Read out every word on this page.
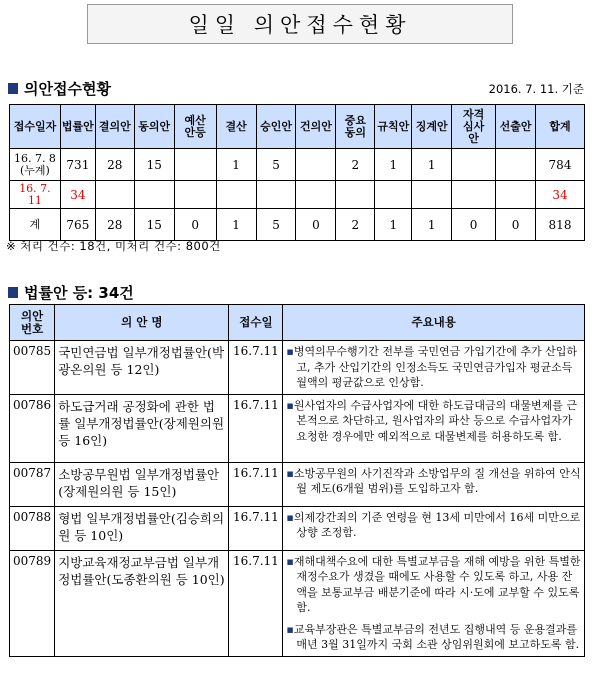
일일 의안접수현황
의안접수현황	2016. 7. 11. 기준
접수일자	법률안	결의안	동의안	예산안등	결산	승인안	건의안	중요동의	규칙안	징계안	자격심사안	선출안	합계

16. 7. 8
(누계)	731	28	15		1	5		2	1	1			784
16. 7. 11	34												34
계	765	28	15	0	1	5	0	2	1	1	0	0	818
※ 처리 건수: 18건, 미처리 건수: 800건
법률안 등: 34건
의안번호	의 안 명	접수일	주요내용
00785	국민연금법 일부개정법률안(박광온의원 등 12인)	16.7.11	▪병역의무수행기간 전부를 국민연금 가입기간에 추가 산입하고, 추가 산입기간의 인정소득도 국민연금가입자 평균소득월액의 평균값으로 인상함.

00786	하도급거래 공정화에 관한 법률 일부개정법률안(장제원의원 등 16인)	16.7.11	▪원사업자의 수급사업자에 대한 하도급대금의 대물변제를 근본적으로 차단하고, 원사업자의 파산 등으로 수급사업자가 요청한 경우에만 예외적으로 대물변제를 허용하도록 함.

00787	소방공무원법 일부개정법률안(장제원의원 등 15인)	16.7.11	▪소방공무원의 사기진작과 소방업무의 질 개선을 위하여 안식월 제도(6개월 범위)를 도입하고자 함.

00788	형법 일부개정법률안(김승희의원 등 10인)	16.7.11	▪의제강간죄의 기준 연령을 현 13세 미만에서 16세 미만으로 상향 조정함.

00789	지방교육재정교부금법 일부개정법률안(도종환의원 등 10인)	16.7.11	▪재해대책수요에 대한 특별교부금을 재해 예방을 위한 특별한 재정수요가 생겼을 때에도 사용할 수 있도록 하고, 사용 잔액을 보통교부금 배분기준에 따라 시·도에 교부할 수 있도록 함.

▪교육부장관은 특별교부금의 전년도 집행내역 등 운용결과를 매년 3월 31일까지 국회 소관 상임위원회에 보고하도록 함.
